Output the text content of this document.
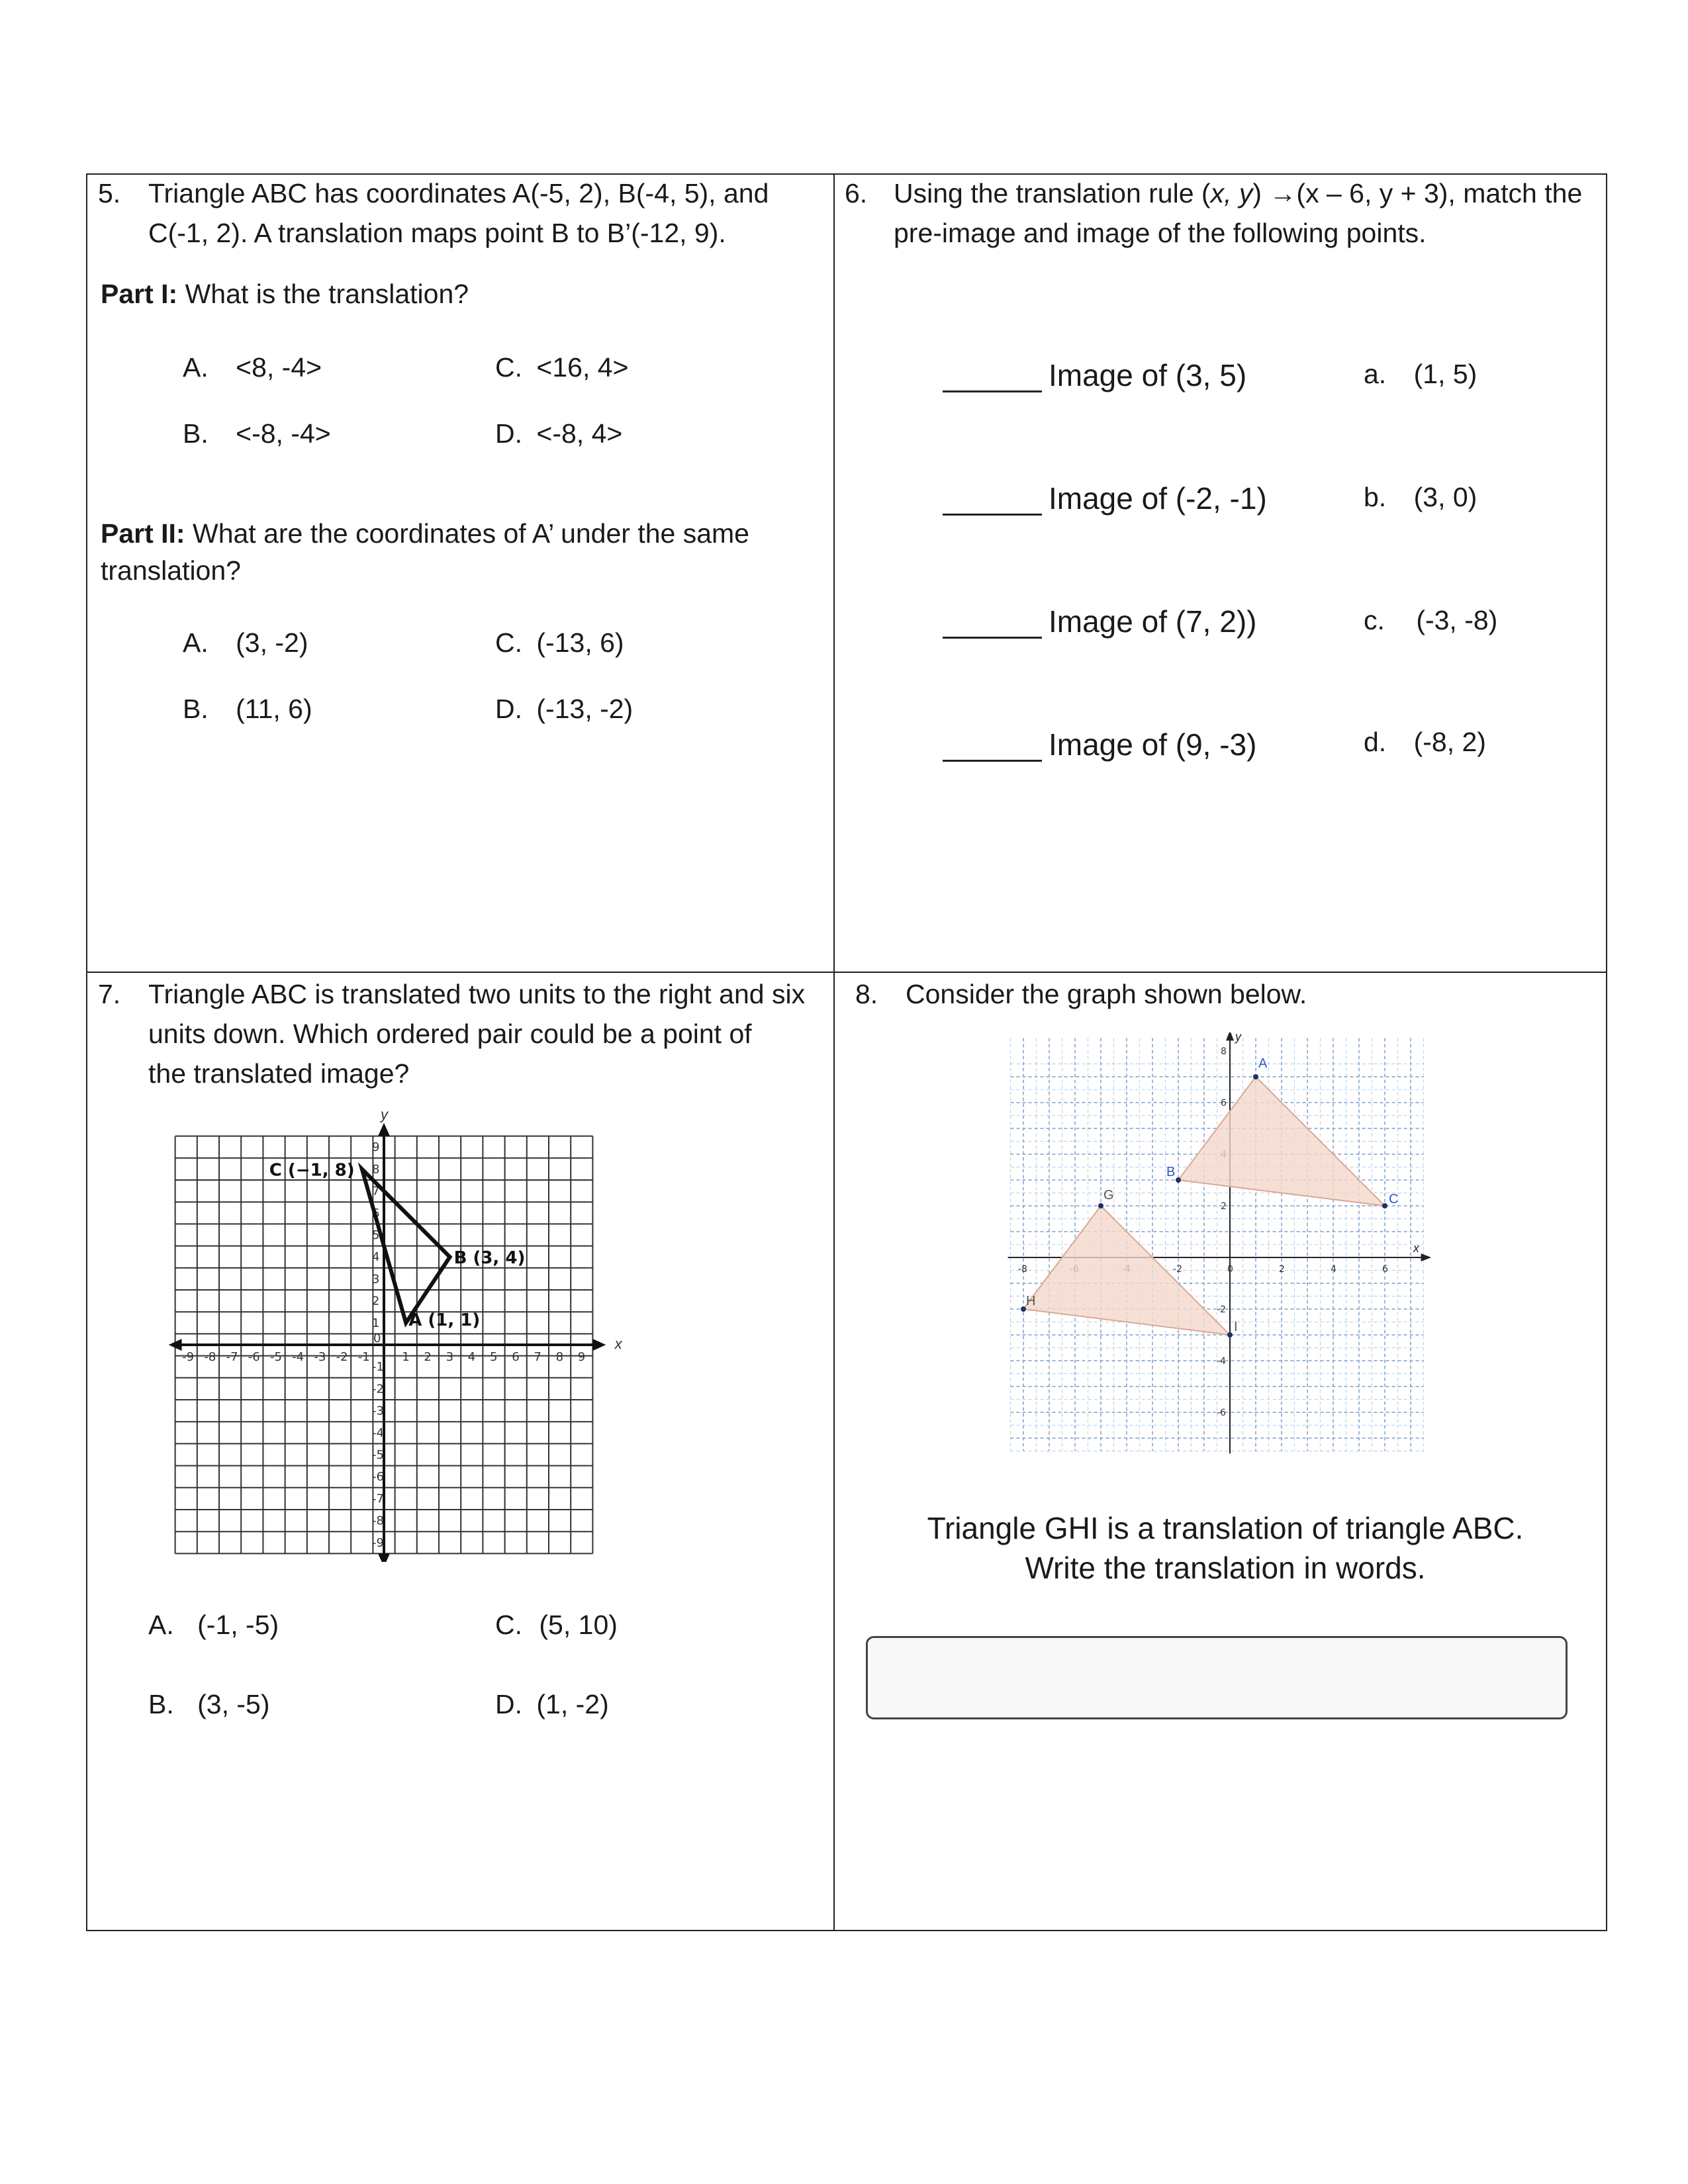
5. Triangle ABC has coordinates A(-5, 2), B(-4, 5), and
C(-1, 2). A translation maps point B to B’(-12, 9).
Part I: What is the translation?
A. <8, -4>
B. <-8, -4>
C. <16, 4>
D. <-8, 4>
Part II: What are the coordinates of A’ under the same
translation?
A. (3, -2)
B. (11, 6)
C. (-13, 6)
D. (-13, -2)
6. Using the translation rule (x, y) →(x – 6, y + 3), match the
pre-image and image of the following points.
Image of (3, 5)
Image of (-2, -1)
Image of (7, 2))
Image of (9, -3)
a. (1, 5)
b. (3, 0)
c. (-3, -8)
d. (-8, 2)
7. Triangle ABC is translated two units to the right and six
units down. Which ordered pair could be a point of
the translated image?
x
y
-9
-9
-8
-8
-7
-7
-6
-6
-5
-5
-4
-4
-3
-3
-2
-2
-1
-1
1
1
2
2
3
3
4
4
5
5
6
6
7
7
8
8
9
9
0
A (1, 1)
B (3, 4)
C (−1, 8)
A. (-1, -5)
B. (3, -5)
C. (5, 10)
D. (1, -2)
8. Consider the graph shown below.
x
y
-8	-2	0	2	4	6
8
6
2
-2
-4
-6
A
B
C
G
H
I
Triangle GHI is a translation of triangle ABC.
Write the translation in words.
